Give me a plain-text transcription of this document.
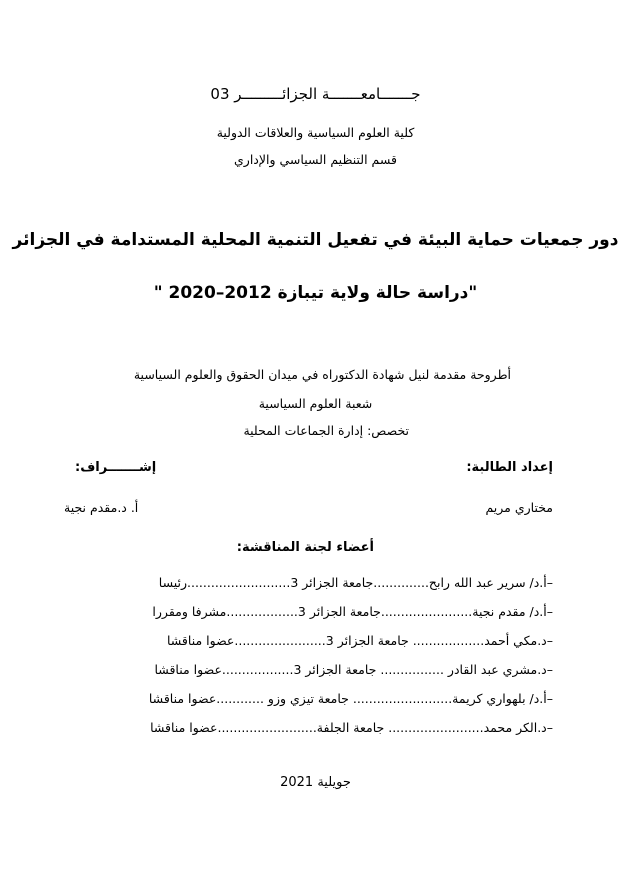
جـــــــامعـــــــة الجزائـــــــــر 03
كلية العلوم السياسية والعلاقات الدولية
قسم التنظيم السياسي والإداري
دور جمعيات حماية البيئة في تفعيل التنمية المحلية المستدامة في الجزائر
"دراسة حالة ولاية تيبازة 2012–2020 "
أطروحة مقدمة لنيل شهادة الدكتوراه في ميدان الحقوق والعلوم السياسية
شعبة العلوم السياسية
تخصص: إدارة الجماعات المحلية
إعداد الطالبة:
إشـــــــراف:
مختاري مريم
أ. د.مقدم نجية
أعضاء لجنة المناقشة:
–أ.د/ سرير عبد الله رابح..............جامعة الجزائر 3..........................رئيسا
–أ.د/ مقدم نجية.......................جامعة الجزائر 3..................مشرفا ومقررا
–د.مكي أحمد.................. جامعة الجزائر 3.......................عضوا مناقشا
–د.مشري عبد القادر ................ جامعة الجزائر 3..................عضوا مناقشا
–أ.د/ بلهواري كريمة......................... جامعة تيزي وزو ............عضوا مناقشا
–د.الكر محمد........................ جامعة الجلفة.........................عضوا مناقشا
جويلية 2021
